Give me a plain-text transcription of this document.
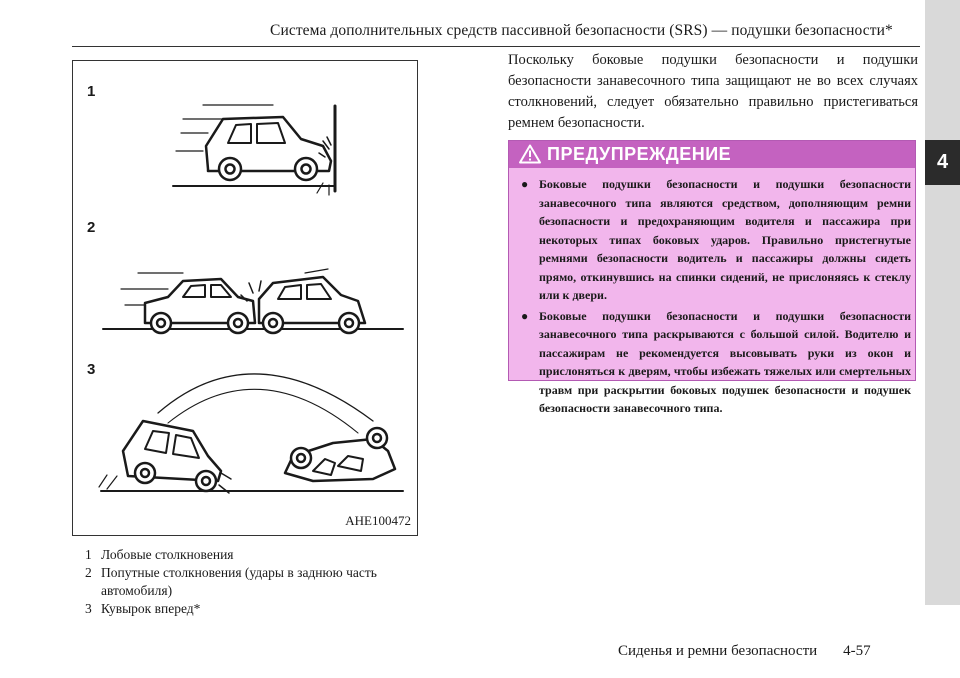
Система дополнительных средств пассивной безопасности (SRS) — подушки безопасности*
4
1
2
3
AHE100472
1 Лобовые столкновения
2 Попутные столкновения (удары в заднюю часть автомобиля)
3 Кувырок вперед*
Поскольку боковые подушки безопасности и подушки безопасности занавесочного типа защищают не во всех случаях столкновений, следует обязательно правильно пристегиваться ремнем безопасности.
ПРЕДУПРЕЖДЕНИЕ
● Боковые подушки безопасности и подушки безопасности занавесочного типа являются средством, дополняющим ремни безопасности и предохраняющим водителя и пассажира при некоторых типах боковых ударов. Правильно пристегнутые ремнями безопасности водитель и пассажиры должны сидеть прямо, откинувшись на спинки сидений, не прислоняясь к стеклу или к двери.
● Боковые подушки безопасности и подушки безопасности занавесочного типа раскрываются с большой силой. Водителю и пассажирам не рекомендуется высовывать руки из окон и прислоняться к дверям, чтобы избежать тяжелых или смертельных травм при раскрытии боковых подушек безопасности и подушек безопасности занавесочного типа.
Сиденья и ремни безопасности 4-57
